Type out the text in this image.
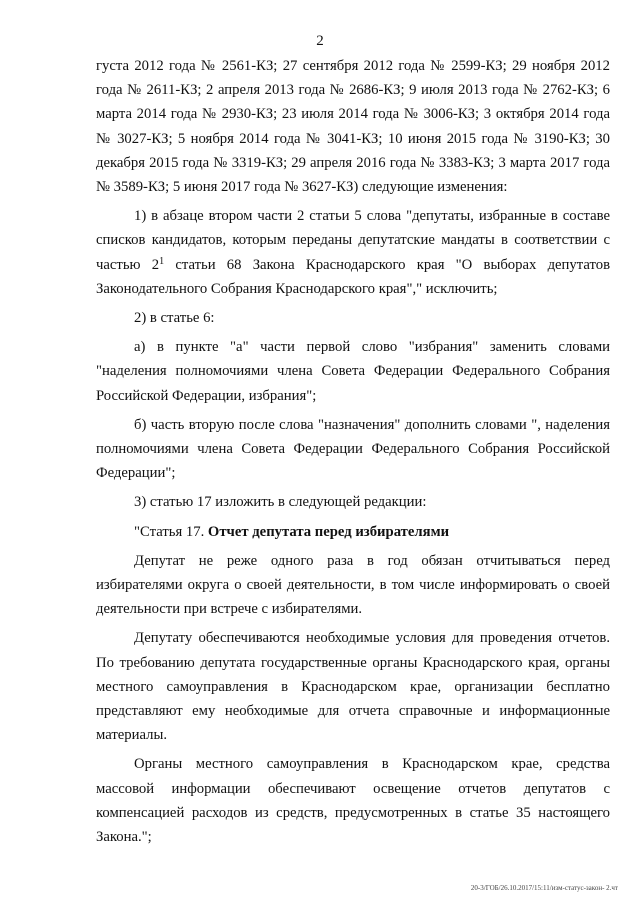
2

густа 2012 года № 2561-КЗ; 27 сентября 2012 года № 2599-КЗ; 29 ноября 2012 года № 2611-КЗ; 2 апреля 2013 года № 2686-КЗ; 9 июля 2013 года № 2762-КЗ; 6 марта 2014 года № 2930-КЗ; 23 июля 2014 года № 3006-КЗ; 3 октября 2014 года № 3027-КЗ; 5 ноября 2014 года № 3041-КЗ; 10 июня 2015 года № 3190-КЗ; 30 декабря 2015 года № 3319-КЗ; 29 апреля 2016 года № 3383-КЗ; 3 марта 2017 года № 3589-КЗ; 5 июня 2017 года № 3627-КЗ) следующие изменения:

1) в абзаце втором части 2 статьи 5 слова "депутаты, избранные в составе списков кандидатов, которым переданы депутатские мандаты в соответствии с частью $2^1$ статьи 68 Закона Краснодарского края "О выборах депутатов Законодательного Собрания Краснодарского края"," исключить;

2) в статье 6:

а) в пункте "а" части первой слово "избрания" заменить словами "наделения полномочиями члена Совета Федерации Федерального Собрания Российской Федерации, избрания";

б) часть вторую после слова "назначения" дополнить словами ", наделения полномочиями члена Совета Федерации Федерального Собрания Российской Федерации";

3) статью 17 изложить в следующей редакции:

"Статья 17. Отчет депутата перед избирателями

Депутат не реже одного раза в год обязан отчитываться перед избирателями округа о своей деятельности, в том числе информировать о своей деятельности при встрече с избирателями.

Депутату обеспечиваются необходимые условия для проведения отчетов. По требованию депутата государственные органы Краснодарского края, органы местного самоуправления в Краснодарском крае, организации бесплатно представляют ему необходимые для отчета справочные и информационные материалы.

Органы местного самоуправления в Краснодарском крае, средства массовой информации обеспечивают освещение отчетов депутатов с компенсацией расходов из средств, предусмотренных в статье 35 настоящего Закона.";

20-3/ГОБ/26.10.2017/15:11/изм-статус-закон- 2.чт
